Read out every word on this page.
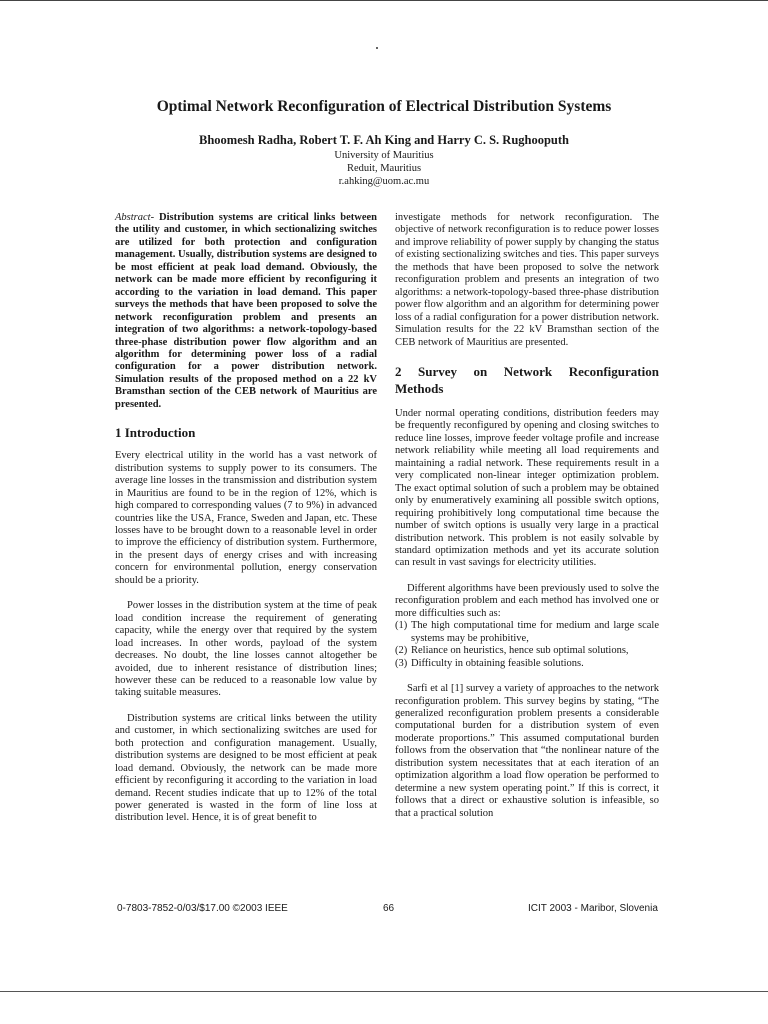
Optimal Network Reconfiguration of Electrical Distribution Systems
Bhoomesh Radha, Robert T. F. Ah King and Harry C. S. Rughooputh
University of Mauritius
Reduit, Mauritius
r.ahking@uom.ac.mu

Abstract- Distribution systems are critical links between the utility and customer, in which sectionalizing switches are utilized for both protection and configuration management. Usually, distribution systems are designed to be most efficient at peak load demand. Obviously, the network can be made more efficient by reconfiguring it according to the variation in load demand. This paper surveys the methods that have been proposed to solve the network reconfiguration problem and presents an integration of two algorithms: a network-topology-based three-phase distribution power flow algorithm and an algorithm for determining power loss of a radial configuration for a power distribution network. Simulation results of the proposed method on a 22 kV Bramsthan section of the CEB network of Mauritius are presented.

1 Introduction

Every electrical utility in the world has a vast network of distribution systems to supply power to its consumers. The average line losses in the transmission and distribution system in Mauritius are found to be in the region of 12%, which is high compared to corresponding values (7 to 9%) in advanced countries like the USA, France, Sweden and Japan, etc. These losses have to be brought down to a reasonable level in order to improve the efficiency of distribution system. Furthermore, in the present days of energy crises and with increasing concern for environmental pollution, energy conservation should be a priority.

Power losses in the distribution system at the time of peak load condition increase the requirement of generating capacity, while the energy over that required by the system load increases. In other words, payload of the system decreases. No doubt, the line losses cannot altogether be avoided, due to inherent resistance of distribution lines; however these can be reduced to a reasonable low value by taking suitable measures.

Distribution systems are critical links between the utility and customer, in which sectionalizing switches are used for both protection and configuration management. Usually, distribution systems are designed to be most efficient at peak load demand. Obviously, the network can be made more efficient by reconfiguring it according to the variation in load demand. Recent studies indicate that up to 12% of the total power generated is wasted in the form of line loss at distribution level. Hence, it is of great benefit to

investigate methods for network reconfiguration. The objective of network reconfiguration is to reduce power losses and improve reliability of power supply by changing the status of existing sectionalizing switches and ties. This paper surveys the methods that have been proposed to solve the network reconfiguration problem and presents an integration of two algorithms: a network-topology-based three-phase distribution power flow algorithm and an algorithm for determining power loss of a radial configuration for a power distribution network. Simulation results for the 22 kV Bramsthan section of the CEB network of Mauritius are presented.

2 Survey on Network Reconfiguration
Methods

Under normal operating conditions, distribution feeders may be frequently reconfigured by opening and closing switches to reduce line losses, improve feeder voltage profile and increase network reliability while meeting all load requirements and maintaining a radial network. These requirements result in a very complicated non-linear integer optimization problem. The exact optimal solution of such a problem may be obtained only by enumeratively examining all possible switch options, requiring prohibitively long computational time because the number of switch options is usually very large in a practical distribution network. This problem is not easily solvable by standard optimization methods and yet its accurate solution can result in vast savings for electricity utilities.

Different algorithms have been previously used to solve the reconfiguration problem and each method has involved one or more difficulties such as:

(1) The high computational time for medium and large scale systems may be prohibitive,
(2) Reliance on heuristics, hence sub optimal solutions,
(3) Difficulty in obtaining feasible solutions.

Sarfi et al [1] survey a variety of approaches to the network reconfiguration problem. This survey begins by stating, “The generalized reconfiguration problem presents a considerable computational burden for a distribution system of even moderate proportions.” This assumed computational burden follows from the observation that “the nonlinear nature of the distribution system necessitates that at each iteration of an optimization algorithm a load flow operation be performed to determine a new system operating point.” If this is correct, it follows that a direct or exhaustive solution is infeasible, so that a practical solution

0-7803-7852-0/03/$17.00 ©2003 IEEE	66	ICIT 2003 - Maribor, Slovenia
